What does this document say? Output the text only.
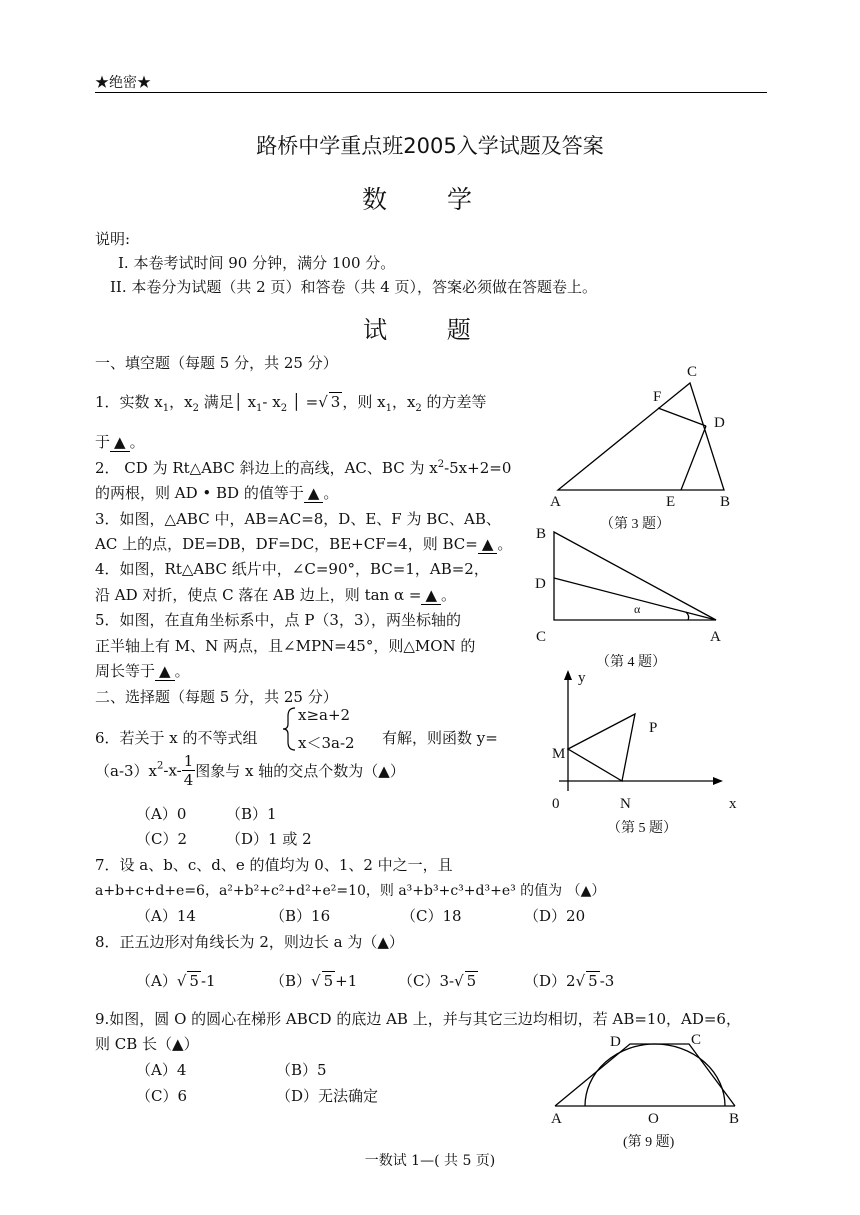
★绝密★
路桥中学重点班2005入学试题及答案
数 学
说明:
I. 本卷考试时间 90 分钟，满分 100 分。
II. 本卷分为试题（共 2 页）和答卷（共 4 页），答案必须做在答题卷上。
试 题
一、填空题（每题 5 分，共 25 分）
1．实数 $x_1$，$x_2$ 满足│ $x_1-$ $x_2$ │ =√ 3 ，则 $x_1$，$x_2$ 的方差等
于 ▲ 。
2． CD 为 Rt△ABC 斜边上的高线，AC、BC 为 $x^2-5x+2=0$
的两根，则 AD • BD 的值等于 ▲ 。
3．如图，△ABC 中，AB=AC=8，D、E、F 为 BC、AB、
AC 上的点，DE=DB，DF=DC，BE+CF=4，则 BC= ▲ 。
4．如图，Rt△ABC 纸片中，∠C=90°，BC=1，AB=2，
沿 AD 对折，使点 C 落在 AB 边上，则 tan α = ▲ 。
5．如图，在直角坐标系中，点 P（3，3），两坐标轴的
正半轴上有 M、N 两点，且∠MPN=45°，则△MON 的
周长等于 ▲ 。
二、选择题（每题 5 分，共 25 分）
6．若关于 x 的不等式组
x≥a+2
x＜3a-2 有解，则函数 y=
$(a-3)x^2-x- \frac{1}{4}$ 图象与 x 轴的交点个数为（▲）
（A）0	（B）1
（C）2	（D）1 或 2
7．设 a、b、c、d、e 的值均为 0、1、2 中之一，且
a+b+c+d+e=6，a²+b²+c²+d²+e²=10，则 a³+b³+c³+d³+e³ 的值为 （▲）
（A）14	（B）16	（C）18	（D）20
8．正五边形对角线长为 2，则边长 a 为（▲）
（A）√ 5 -1	（B）√ 5 +1	（C）3-√ 5	（D）2√ 5 -3
9.如图，圆 O 的圆心在梯形 ABCD 的底边 AB 上，并与其它三边均相切，若 AB=10，AD=6，
则 CB 长（▲）
（A）4	（B）5
（C）6	（D）无法确定
C
F
D
A	E	B
（第 3 题）
B
D
α
C	A
（第 4 题）
y
P
M
0	N	x
（第 5 题）
D	C
A	O	B
(第 9 题)
一数试 1—( 共 5 页)
